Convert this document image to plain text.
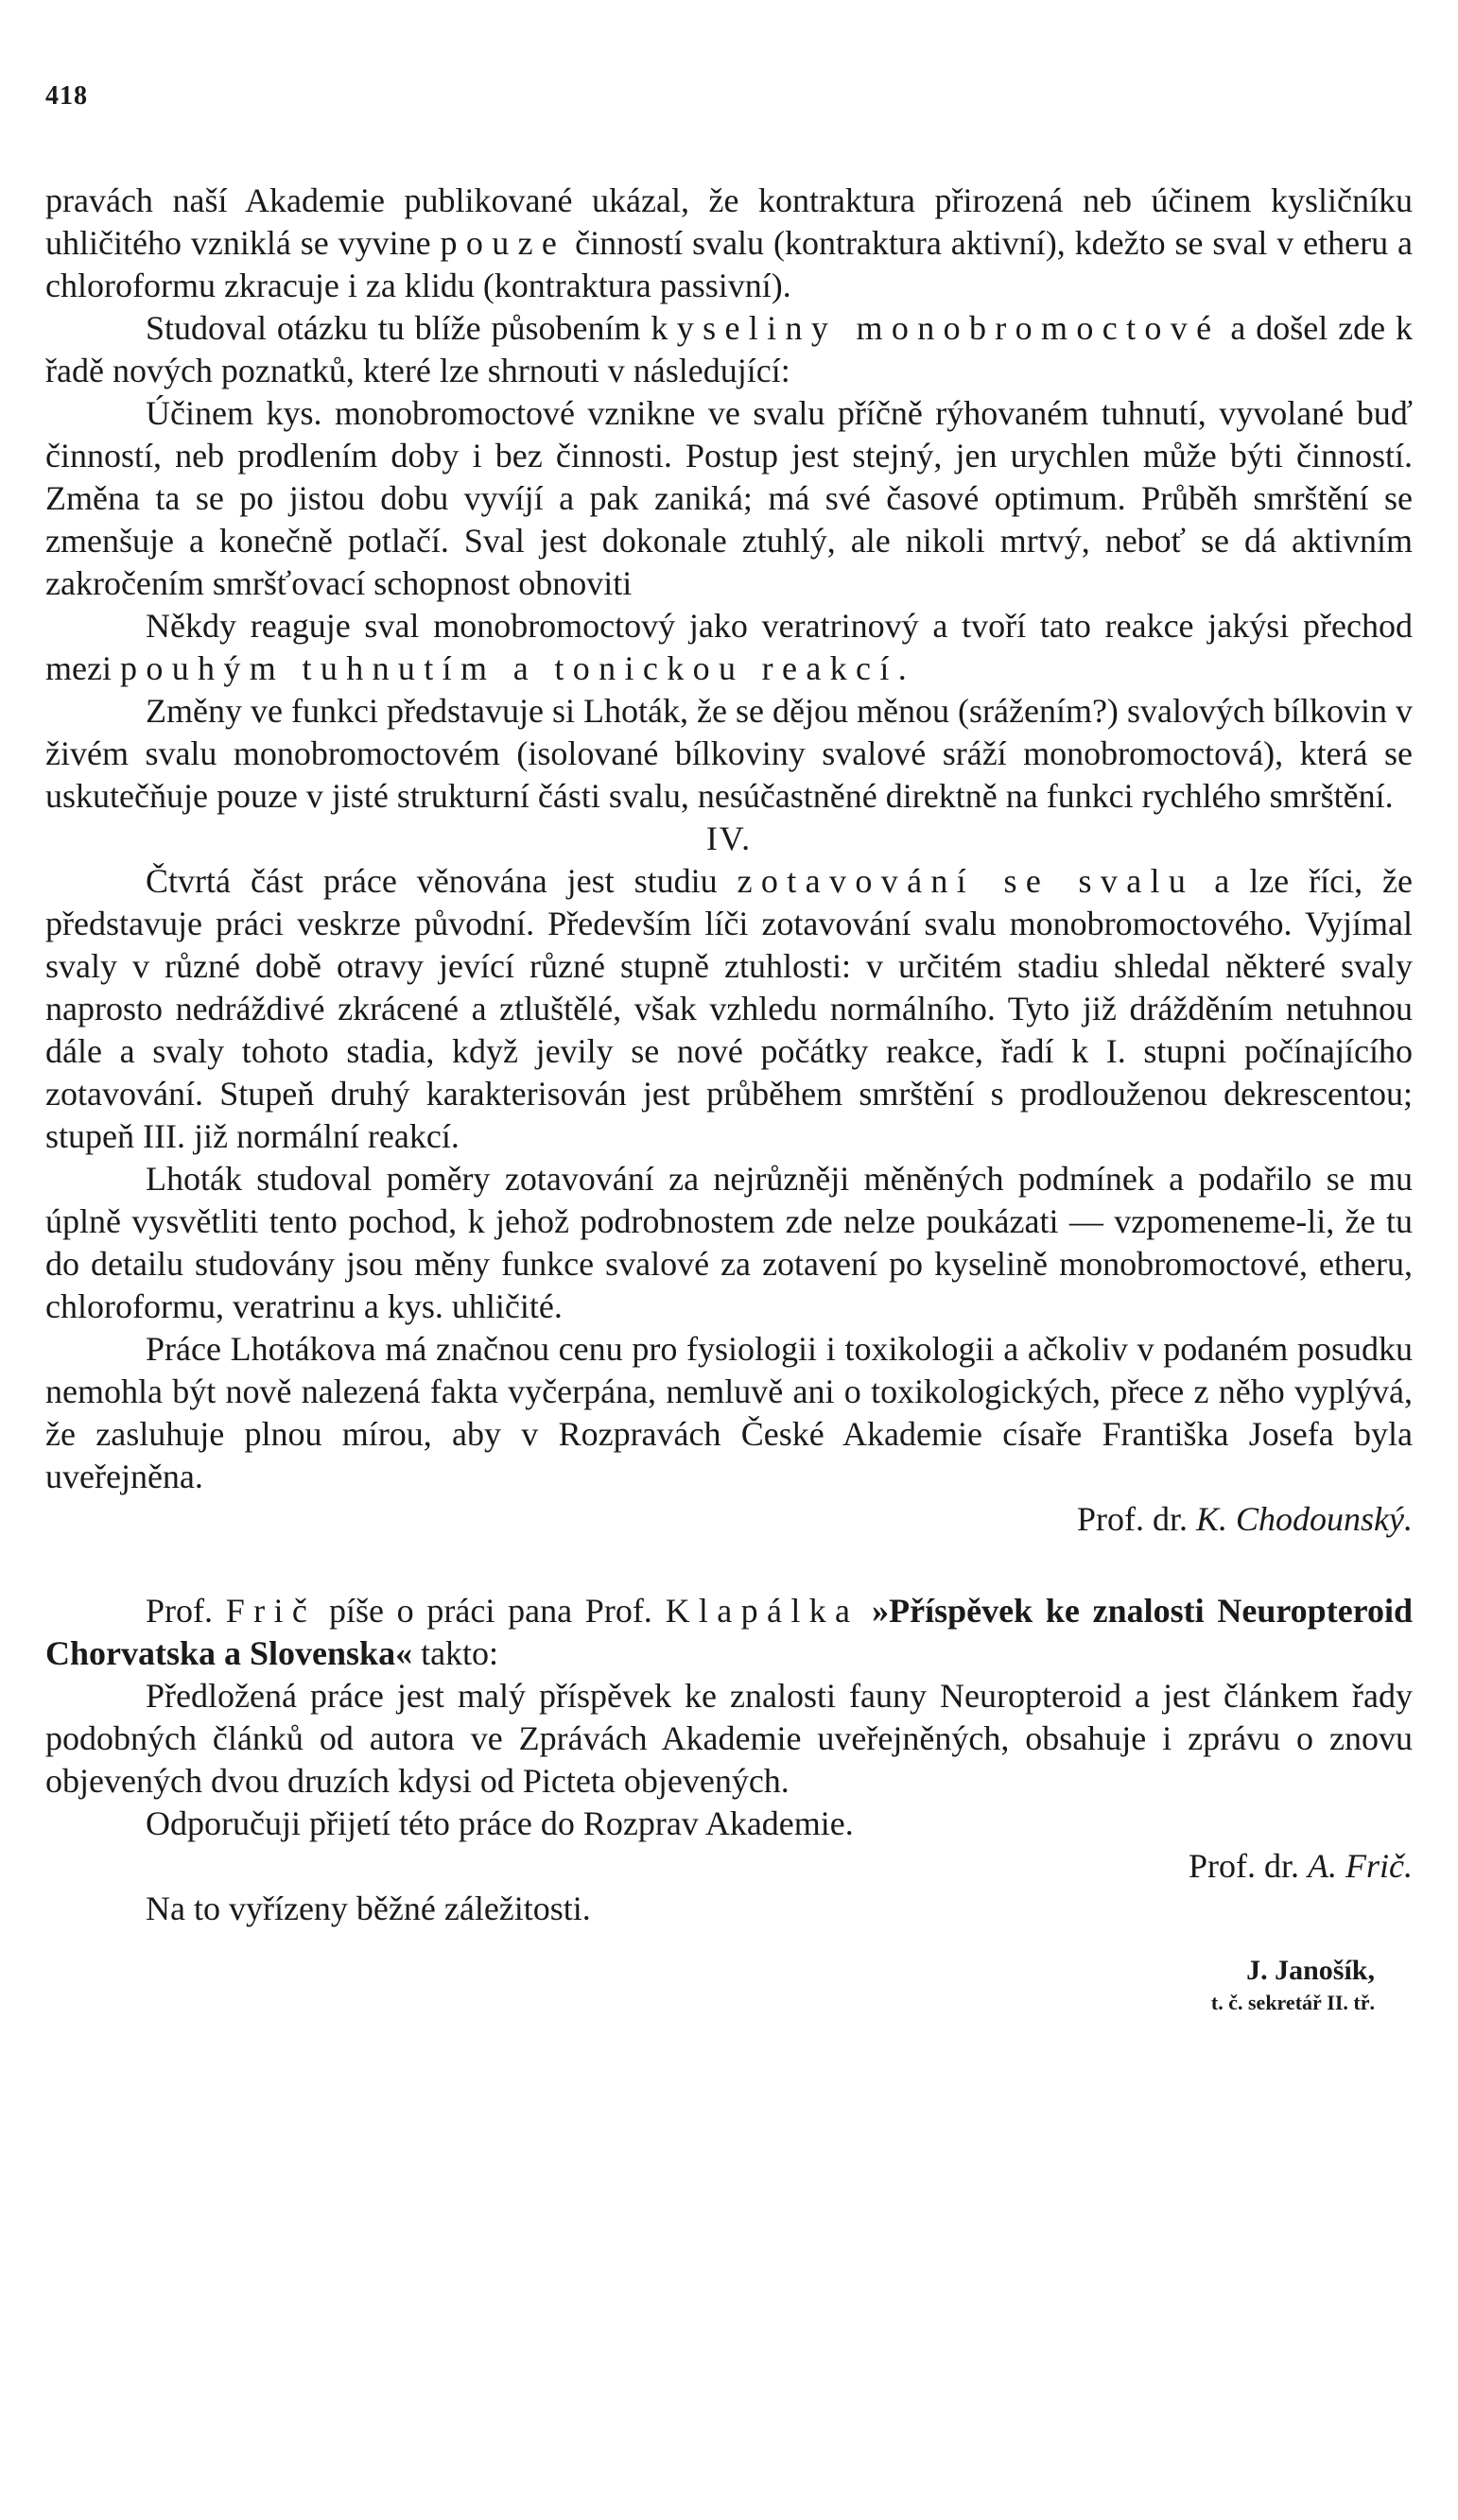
418

pravách naší Akademie publikované ukázal, že kontraktura přirozená neb účinem kysličníku uhličitého vzniklá se vyvine pouze činností svalu (kontraktura aktivní), kdežto se sval v etheru a chloroformu zkracuje i za klidu (kontraktura passivní).

Studoval otázku tu blíže působením kyseliny monobromoctové a došel zde k řadě nových poznatků, které lze shrnouti v následující:

Účinem kys. monobromoctové vznikne ve svalu příčně rýhovaném tuhnutí, vyvolané buď činností, neb prodlením doby i bez činnosti. Postup jest stejný, jen urychlen může býti činností. Změna ta se po jistou dobu vyvíjí a pak zaniká; má své časové optimum. Průběh smrštění se zmenšuje a konečně potlačí. Sval jest dokonale ztuhlý, ale nikoli mrtvý, neboť se dá aktivním zakročením smršťovací schopnost obnoviti

Někdy reaguje sval monobromoctový jako veratrinový a tvoří tato reakce jakýsi přechod mezi pouhým tuhnutím a tonickou reakcí.

Změny ve funkci představuje si Lhoták, že se dějou měnou (srážením?) svalových bílkovin v živém svalu monobromoctovém (isolované bílkoviny svalové sráží monobromoctová), která se uskutečňuje pouze v jisté strukturní části svalu, nesúčastněné direktně na funkci rychlého smrštění.

IV.

Čtvrtá část práce věnována jest studiu zotavování se svalu a lze říci, že představuje práci veskrze původní. Především líči zotavování svalu monobromoctového. Vyjímal svaly v různé době otravy jevící různé stupně ztuhlosti: v určitém stadiu shledal některé svaly naprosto nedráždivé zkrácené a ztluštělé, však vzhledu normálního. Tyto již drážděním netuhnou dále a svaly tohoto stadia, když jevily se nové počátky reakce, řadí k I. stupni počínajícího zotavování. Stupeň druhý karakterisován jest průběhem smrštění s prodlouženou dekrescentou; stupeň III. již normální reakcí.

Lhoták studoval poměry zotavování za nejrůzněji měněných podmínek a podařilo se mu úplně vysvětliti tento pochod, k jehož podrobnostem zde nelze poukázati — vzpomeneme-li, že tu do detailu studovány jsou měny funkce svalové za zotavení po kyselině monobromoctové, etheru, chloroformu, veratrinu a kys. uhličité.

Práce Lhotákova má značnou cenu pro fysiologii i toxikologii a ačkoliv v podaném posudku nemohla být nově nalezená fakta vyčerpána, nemluvě ani o toxikologických, přece z něho vyplývá, že zasluhuje plnou mírou, aby v Rozpravách České Akademie císaře Františka Josefa byla uveřejněna.

Prof. dr. K. Chodounský.

Prof. Frič píše o práci pana Prof. Klapálka »Příspěvek ke znalosti Neuropteroid Chorvatska a Slovenska« takto:

Předložená práce jest malý příspěvek ke znalosti fauny Neuropteroid a jest článkem řady podobných článků od autora ve Zprávách Akademie uveřejněných, obsahuje i zprávu o znovu objevených dvou druzích kdysi od Picteta objevených.

Odporučuji přijetí této práce do Rozprav Akademie.

Prof. dr. A. Frič.

Na to vyřízeny běžné záležitosti.

J. Janošík,
t. č. sekretář II. tř.
